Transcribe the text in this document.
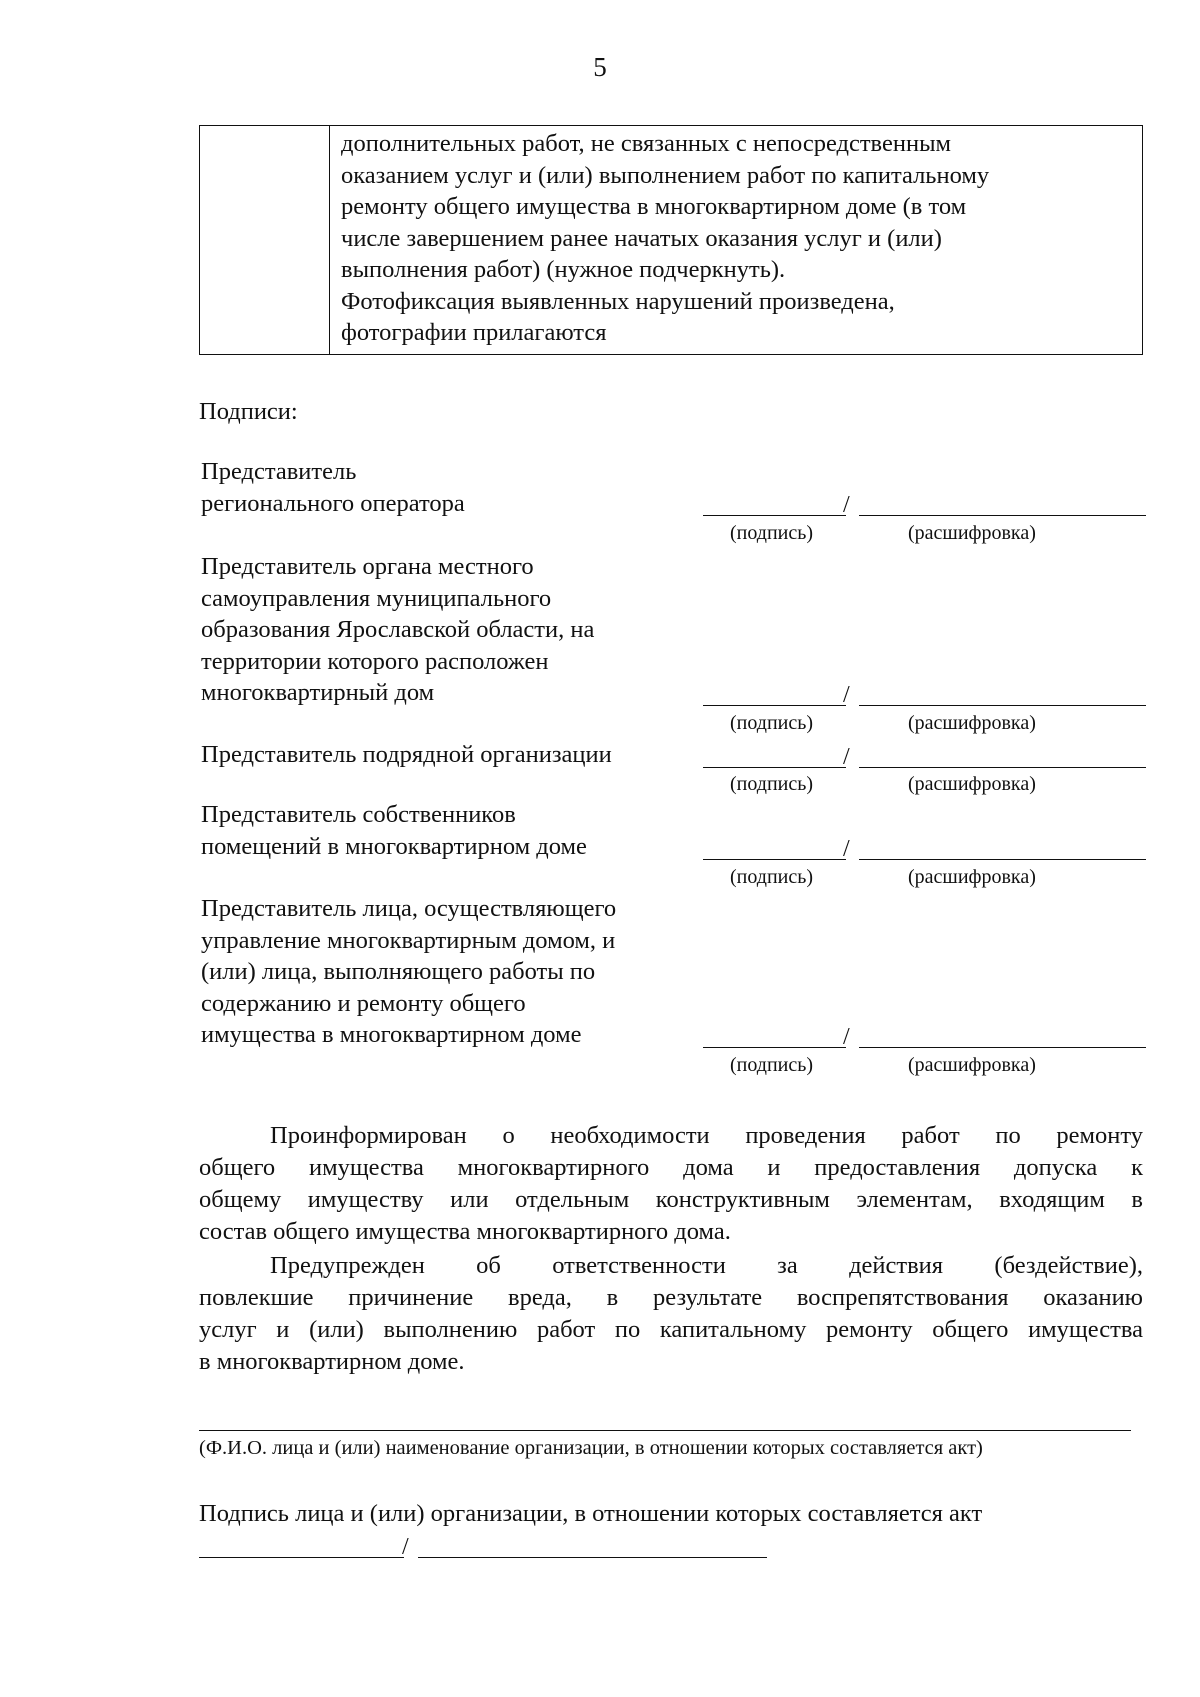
5
дополнительных работ, не связанных с непосредственным
оказанием услуг и (или) выполнением работ по капитальному
ремонту общего имущества в многоквартирном доме (в том
числе завершением ранее начатых оказания услуг и (или)
выполнения работ) (нужное подчеркнуть).
Фотофиксация выявленных нарушений произведена,
фотографии прилагаются
Подписи:
Представитель
регионального оператора	/
(подпись)	(расшифровка)
Представитель органа местного
самоуправления муниципального
образования Ярославской области, на
территории которого расположен
многоквартирный дом	/
(подпись)	(расшифровка)
Представитель подрядной организации	/
(подпись)	(расшифровка)
Представитель собственников
помещений в многоквартирном доме	/
(подпись)	(расшифровка)
Представитель лица, осуществляющего
управление многоквартирным домом, и
(или) лица, выполняющего работы по
содержанию и ремонту общего
имущества в многоквартирном доме	/
(подпись)	(расшифровка)
Проинформирован о необходимости проведения работ по ремонту
общего имущества многоквартирного дома и предоставления допуска к
общему имуществу или отдельным конструктивным элементам, входящим в
состав общего имущества многоквартирного дома.
Предупрежден об ответственности за действия (бездействие),
повлекшие причинение вреда, в результате воспрепятствования оказанию
услуг и (или) выполнению работ по капитальному ремонту общего имущества
в многоквартирном доме.
(Ф.И.О. лица и (или) наименование организации, в отношении которых составляется акт)
Подпись лица и (или) организации, в отношении которых составляется акт
/
